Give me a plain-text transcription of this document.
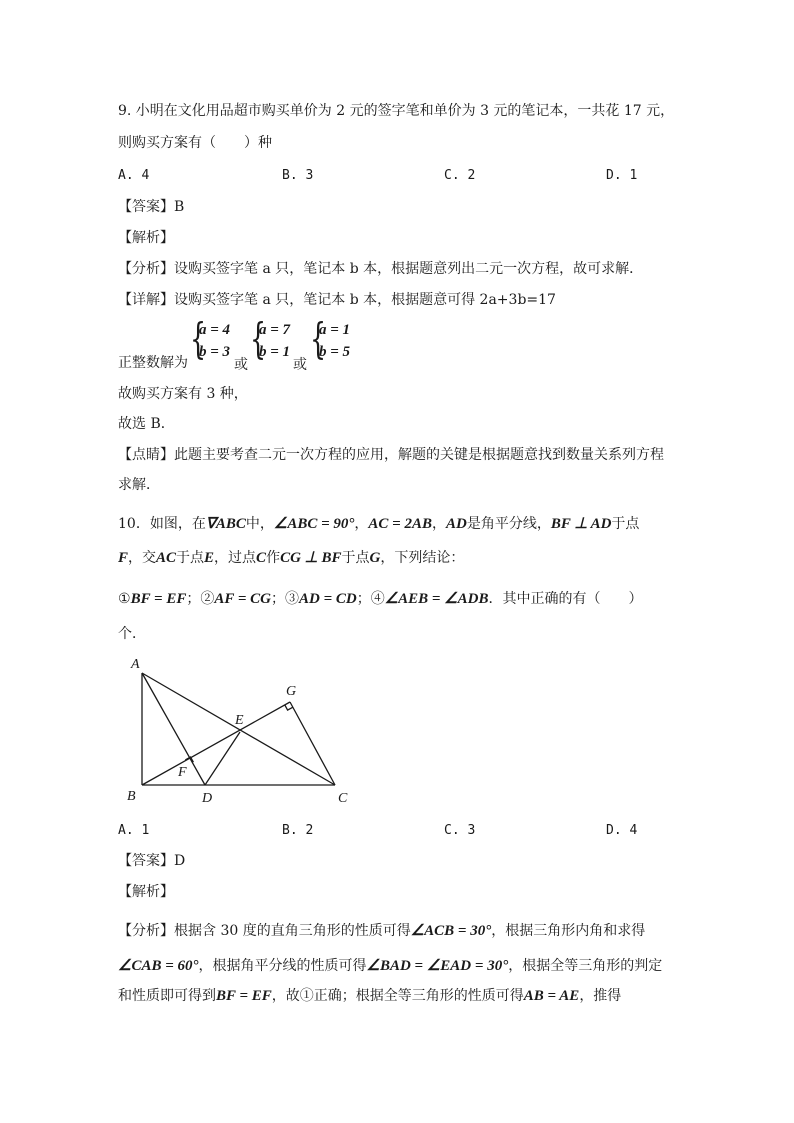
9. 小明在文化用品超市购买单价为 2 元的签字笔和单价为 3 元的笔记本，一共花 17 元，
则购买方案有（　　）种
A. 4	B. 3	C. 2	D. 1
【答案】B
【解析】
【分析】设购买签字笔 a 只，笔记本 b 本，根据题意列出二元一次方程，故可求解．
【详解】设购买签字笔 a 只，笔记本 b 本，根据题意可得 2a+3b=17
正整数解为 {
a = 4
b = 3
或
{
a = 7
b = 1
或
{
a = 1
b = 5
故购买方案有 3 种，
故选 B．
【点睛】此题主要考查二元一次方程的应用，解题的关键是根据题意找到数量关系列方程
求解．
10．如图，在∇ABC中，∠ABC = 90°，AC = 2AB，AD是角平分线，BF ⊥ AD于点
F，交AC于点E，过点C作CG ⊥ BF于点G，下列结论：
①BF = EF；②AF = CG；③AD = CD；④∠AEB = ∠ADB．其中正确的有（　　）
个．
A
B	C
D
E
F
G
A. 1	B. 2	C. 3	D. 4
【答案】D
【解析】
【分析】根据含 30 度的直角三角形的性质可得∠ACB = 30°，根据三角形内角和求得
∠CAB = 60°，根据角平分线的性质可得∠BAD = ∠EAD = 30°，根据全等三角形的判定
和性质即可得到BF = EF，故①正确；根据全等三角形的性质可得AB = AE，推得
